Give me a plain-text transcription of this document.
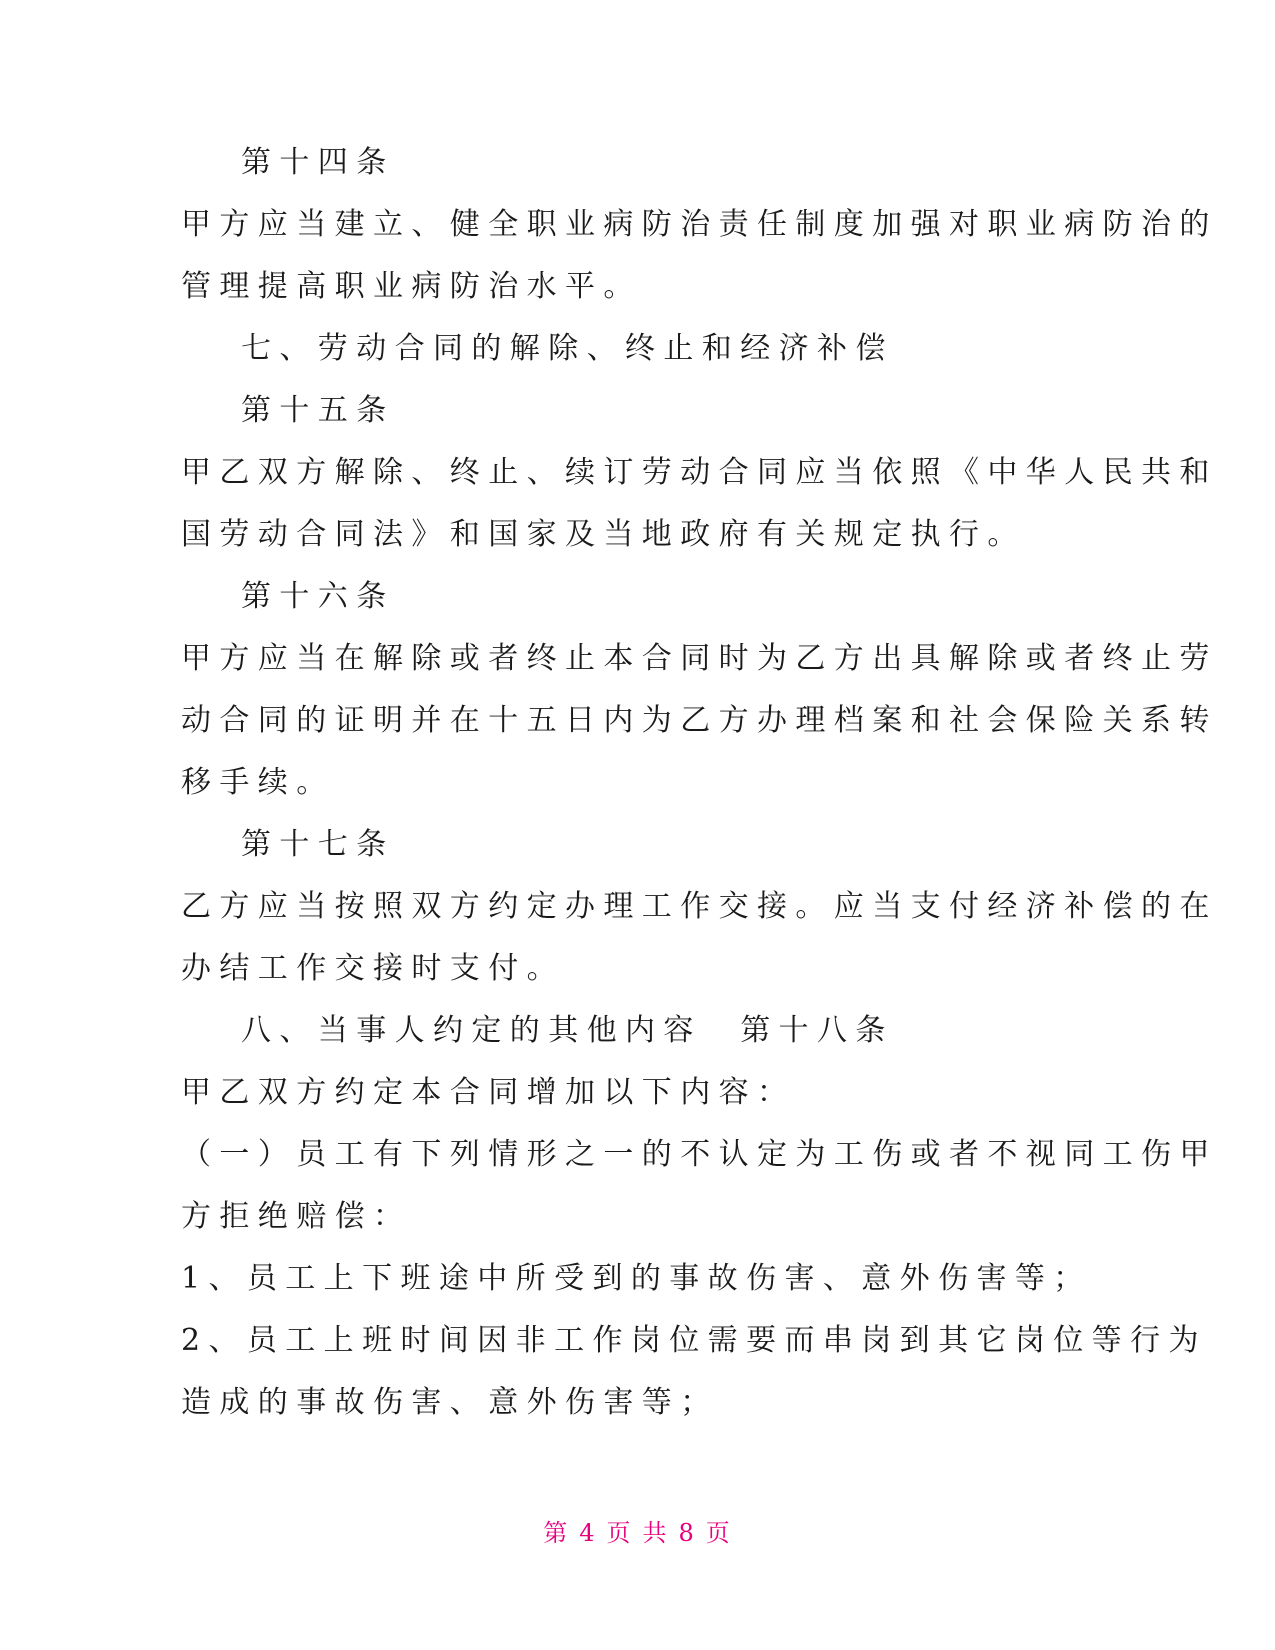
第十四条
甲方应当建立、健全职业病防治责任制度加强对职业病防治的
管理提高职业病防治水平。
七、劳动合同的解除、终止和经济补偿
第十五条
甲乙双方解除、终止、续订劳动合同应当依照《中华人民共和
国劳动合同法》和国家及当地政府有关规定执行。
第十六条
甲方应当在解除或者终止本合同时为乙方出具解除或者终止劳
动合同的证明并在十五日内为乙方办理档案和社会保险关系转
移手续。
第十七条
乙方应当按照双方约定办理工作交接。应当支付经济补偿的在
办结工作交接时支付。
八、当事人约定的其他内容　第十八条
甲乙双方约定本合同增加以下内容：
（一）员工有下列情形之一的不认定为工伤或者不视同工伤甲
方拒绝赔偿：
1、员工上下班途中所受到的事故伤害、意外伤害等；
2、员工上班时间因非工作岗位需要而串岗到其它岗位等行为
造成的事故伤害、意外伤害等；
第 4 页 共 8 页
